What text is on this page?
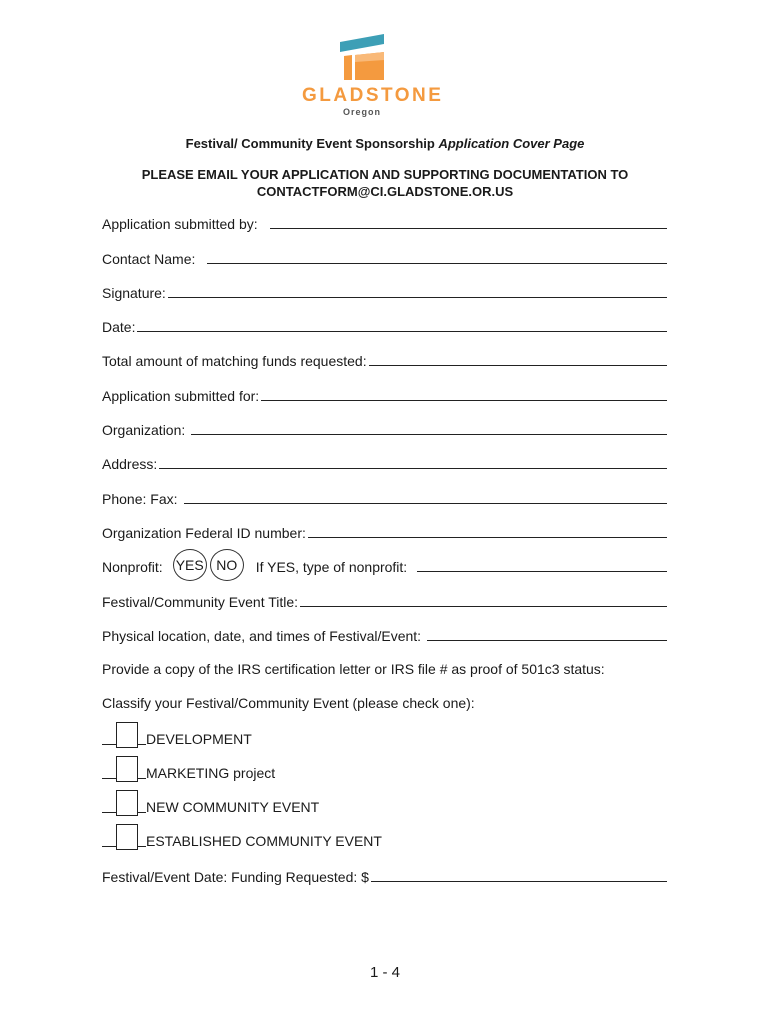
GLADSTONE
Oregon
Festival/ Community Event Sponsorship Application Cover Page
PLEASE EMAIL YOUR APPLICATION AND SUPPORTING DOCUMENTATION TO
CONTACTFORM@CI.GLADSTONE.OR.US
Application submitted by:
Contact Name:
Signature:
Date:
Total amount of matching funds requested:
Application submitted for:
Organization:
Address:
Phone: Fax:
Organization Federal ID number:
Nonprofit: YES NO	If YES, type of nonprofit:
Festival/Community Event Title:
Physical location, date, and times of Festival/Event:
Provide a copy of the IRS certification letter or IRS file # as proof of 501c3 status:
Classify your Festival/Community Event (please check one):
DEVELOPMENT
MARKETING project
NEW COMMUNITY EVENT
ESTABLISHED COMMUNITY EVENT
Festival/Event Date: Funding Requested: $
1 - 4
